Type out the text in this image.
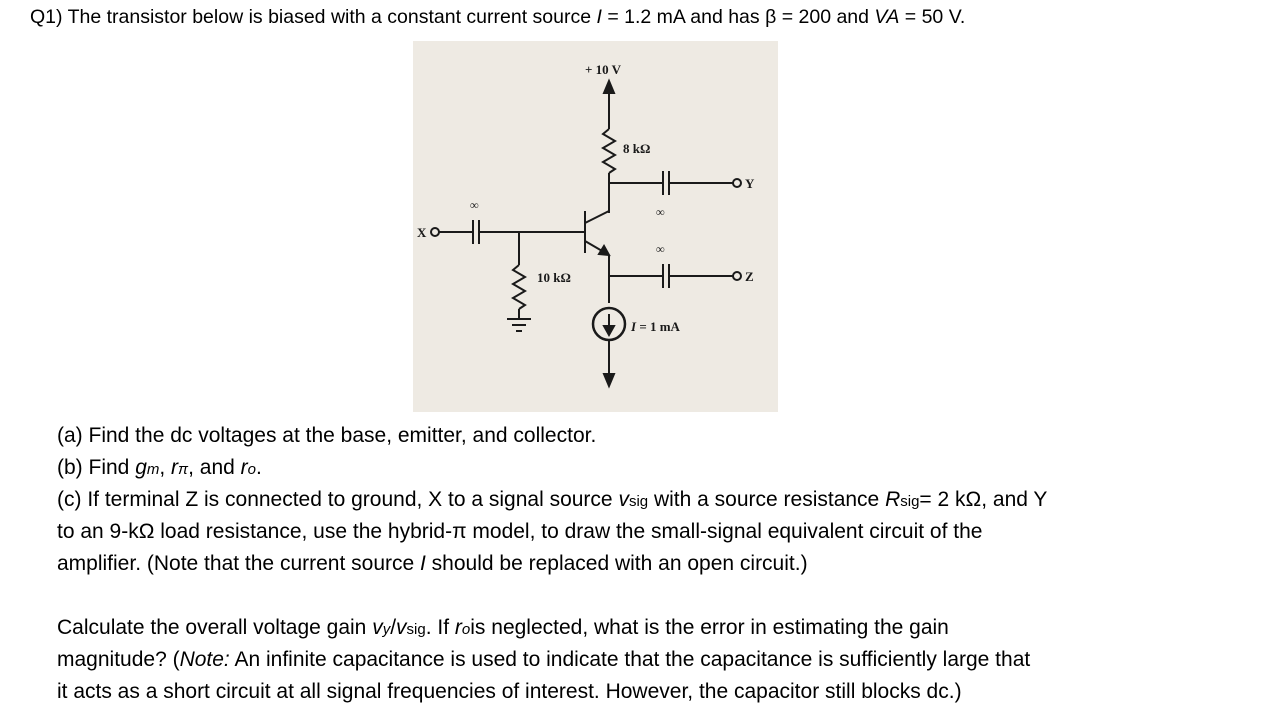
Q1) The transistor below is biased with a constant current source I = 1.2 mA and has β = 200 and VA = 50 V.
+ 10 V
8 kΩ
10 kΩ
I = 1 mA
X
Y
Z
∞	∞
∞
(a) Find the dc voltages at the base, emitter, and collector.
(b) Find gm, rπ, and ro.
(c) If terminal Z is connected to ground, X to a signal source vsig with a source resistance Rsig= 2 kΩ, and Y
to an 9-kΩ load resistance, use the hybrid-π model, to draw the small-signal equivalent circuit of the
amplifier. (Note that the current source I should be replaced with an open circuit.)
Calculate the overall voltage gain vy/vsig. If rois neglected, what is the error in estimating the gain
magnitude? (Note: An infinite capacitance is used to indicate that the capacitance is sufficiently large that
it acts as a short circuit at all signal frequencies of interest. However, the capacitor still blocks dc.)
